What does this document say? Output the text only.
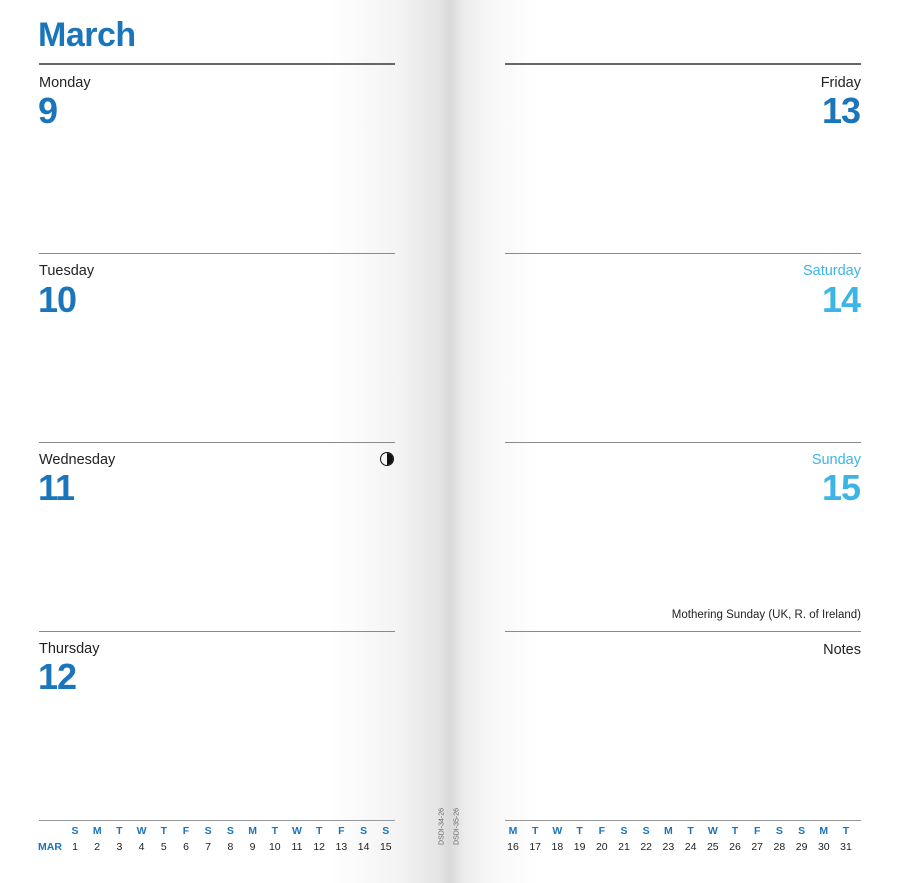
March
Monday
9
Tuesday
10
Wednesday
11
Thursday
12
MAR
S
1
M
2
T
3
W
4
T
5
F
6
S
7
S
8
M
9
T
10
W
11
T
12
F
13
S
14
S
15
DSDI-34-26 DSDI-35-26
Friday
13
Saturday
14
Sunday
15
Mothering Sunday (UK, R. of Ireland)
Notes
M
16
T
17
W
18
T
19
F
20
S
21
S
22
M
23
T
24
W
25
T
26
F
27
S
28
S
29
M
30
T
31
